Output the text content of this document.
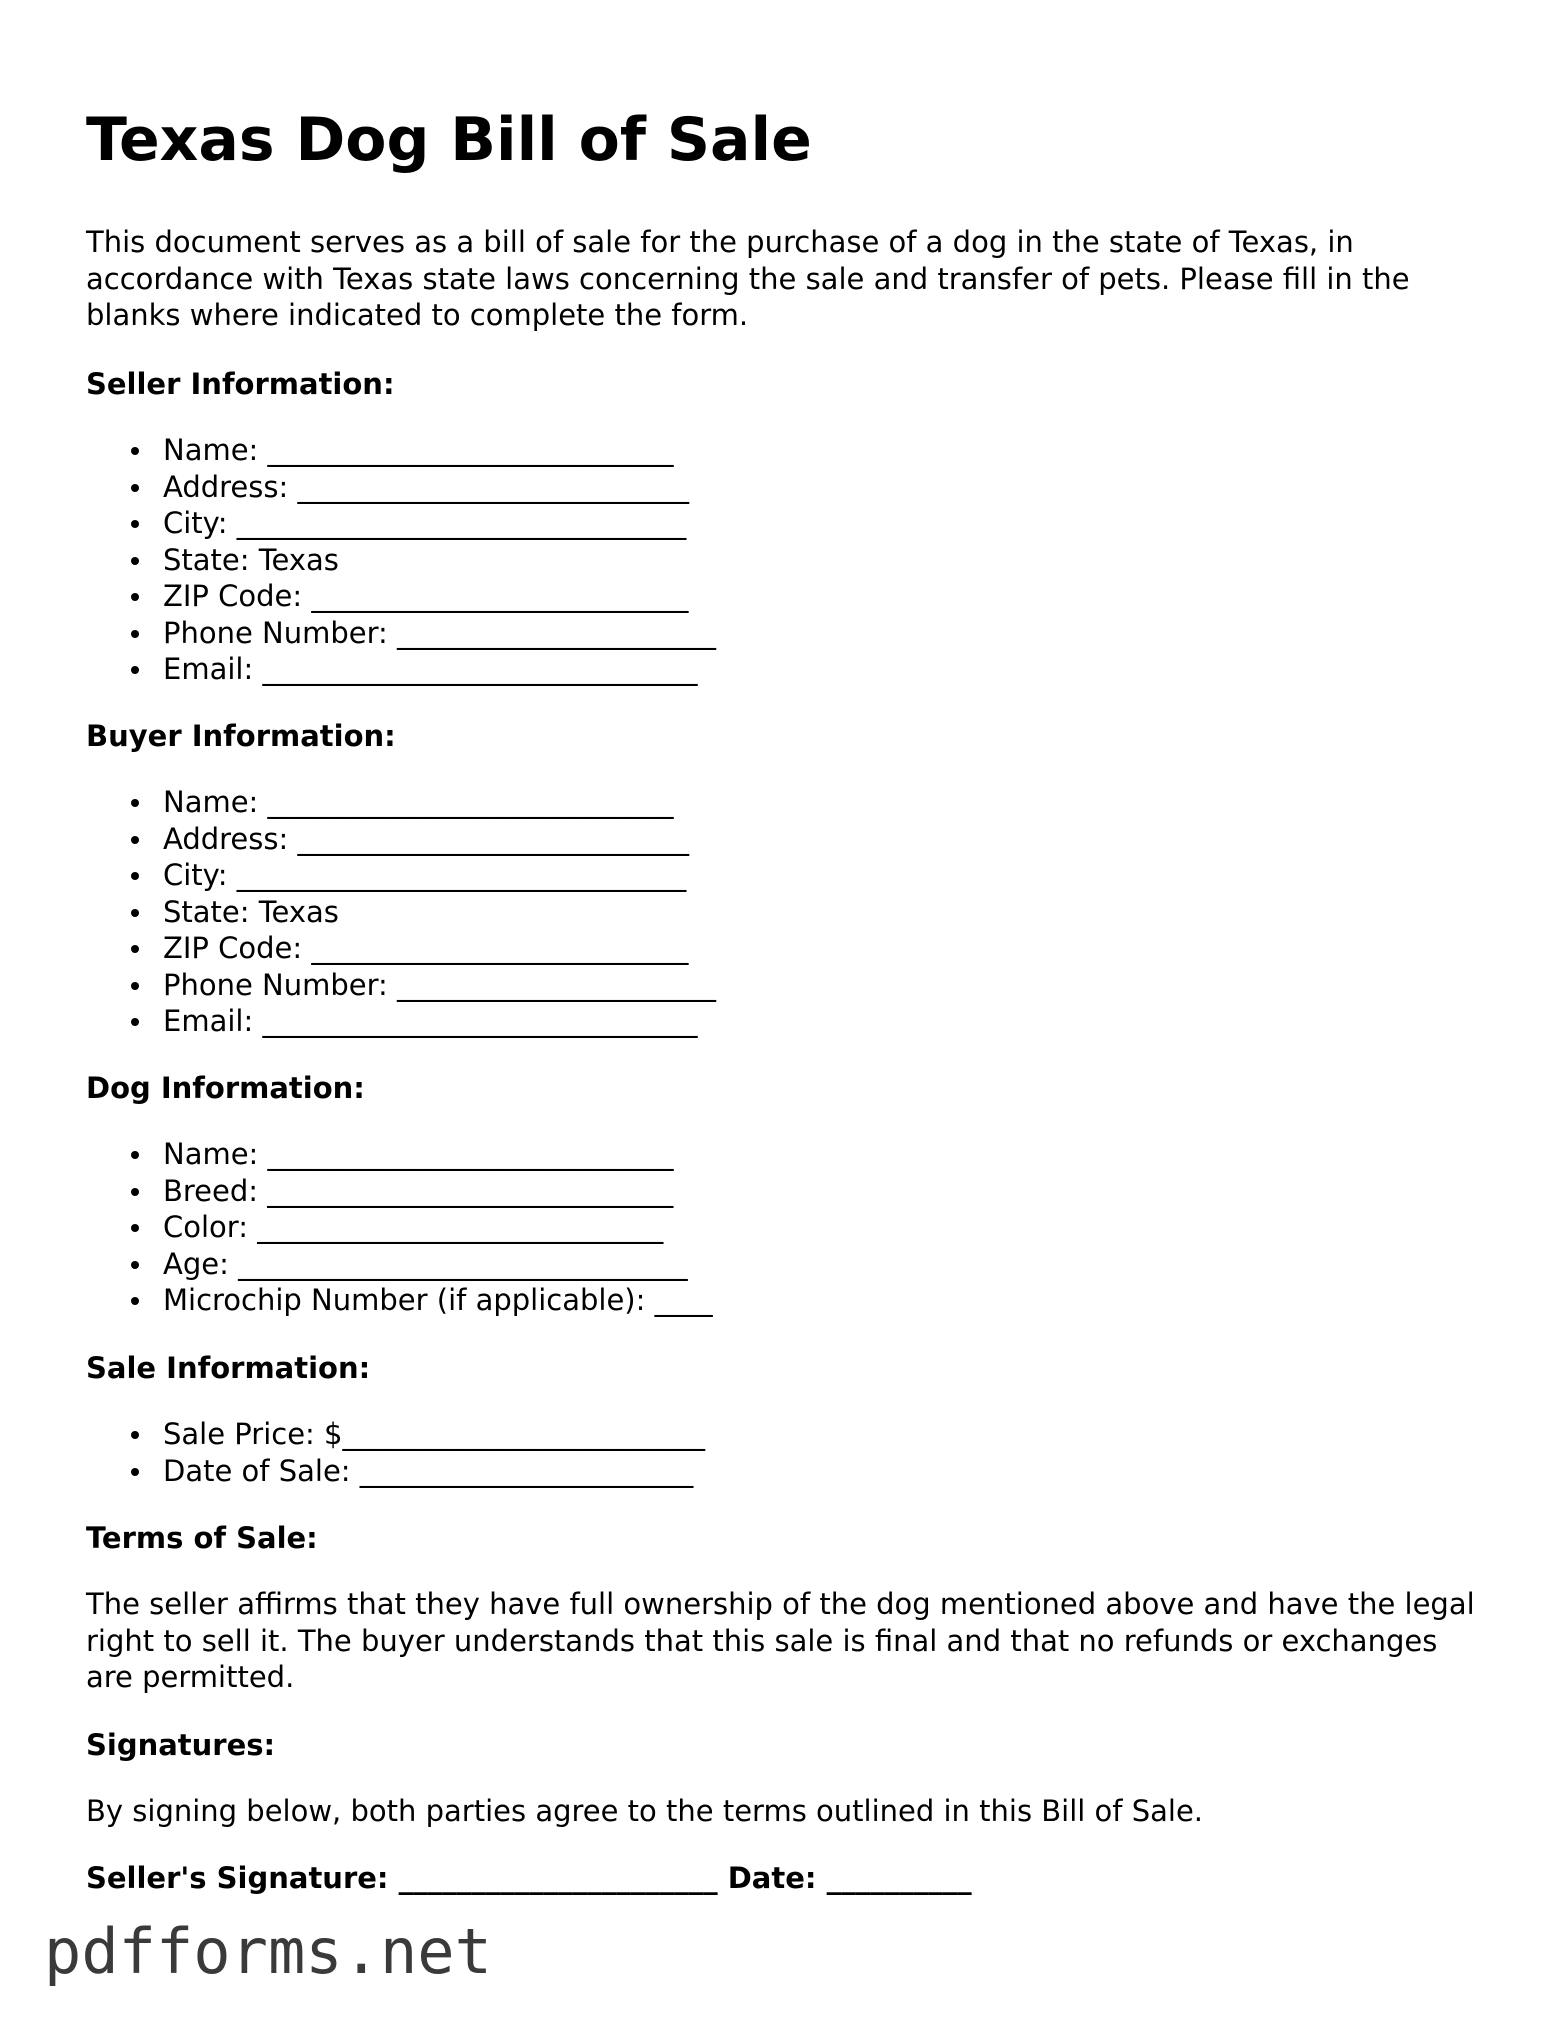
Texas Dog Bill of Sale

This document serves as a bill of sale for the purchase of a dog in the state of Texas, in accordance with Texas state laws concerning the sale and transfer of pets. Please fill in the blanks where indicated to complete the form.

Seller Information:
Name: ____________________________
Address: ___________________________
City: _______________________________
State: Texas
ZIP Code: __________________________
Phone Number: ______________________
Email: ______________________________
Buyer Information:
Name: ____________________________
Address: ___________________________
City: _______________________________
State: Texas
ZIP Code: __________________________
Phone Number: ______________________
Email: ______________________________
Dog Information:
Name: ____________________________
Breed: ____________________________
Color: ____________________________
Age: _______________________________
Microchip Number (if applicable): ____
Sale Information:
Sale Price: $_________________________
Date of Sale: _______________________
Terms of Sale:

The seller affirms that they have full ownership of the dog mentioned above and have the legal right to sell it. The buyer understands that this sale is final and that no refunds or exchanges are permitted.

Signatures:

By signing below, both parties agree to the terms outlined in this Bill of Sale.

Seller's Signature: ______________________ Date: __________
pdfforms.net
